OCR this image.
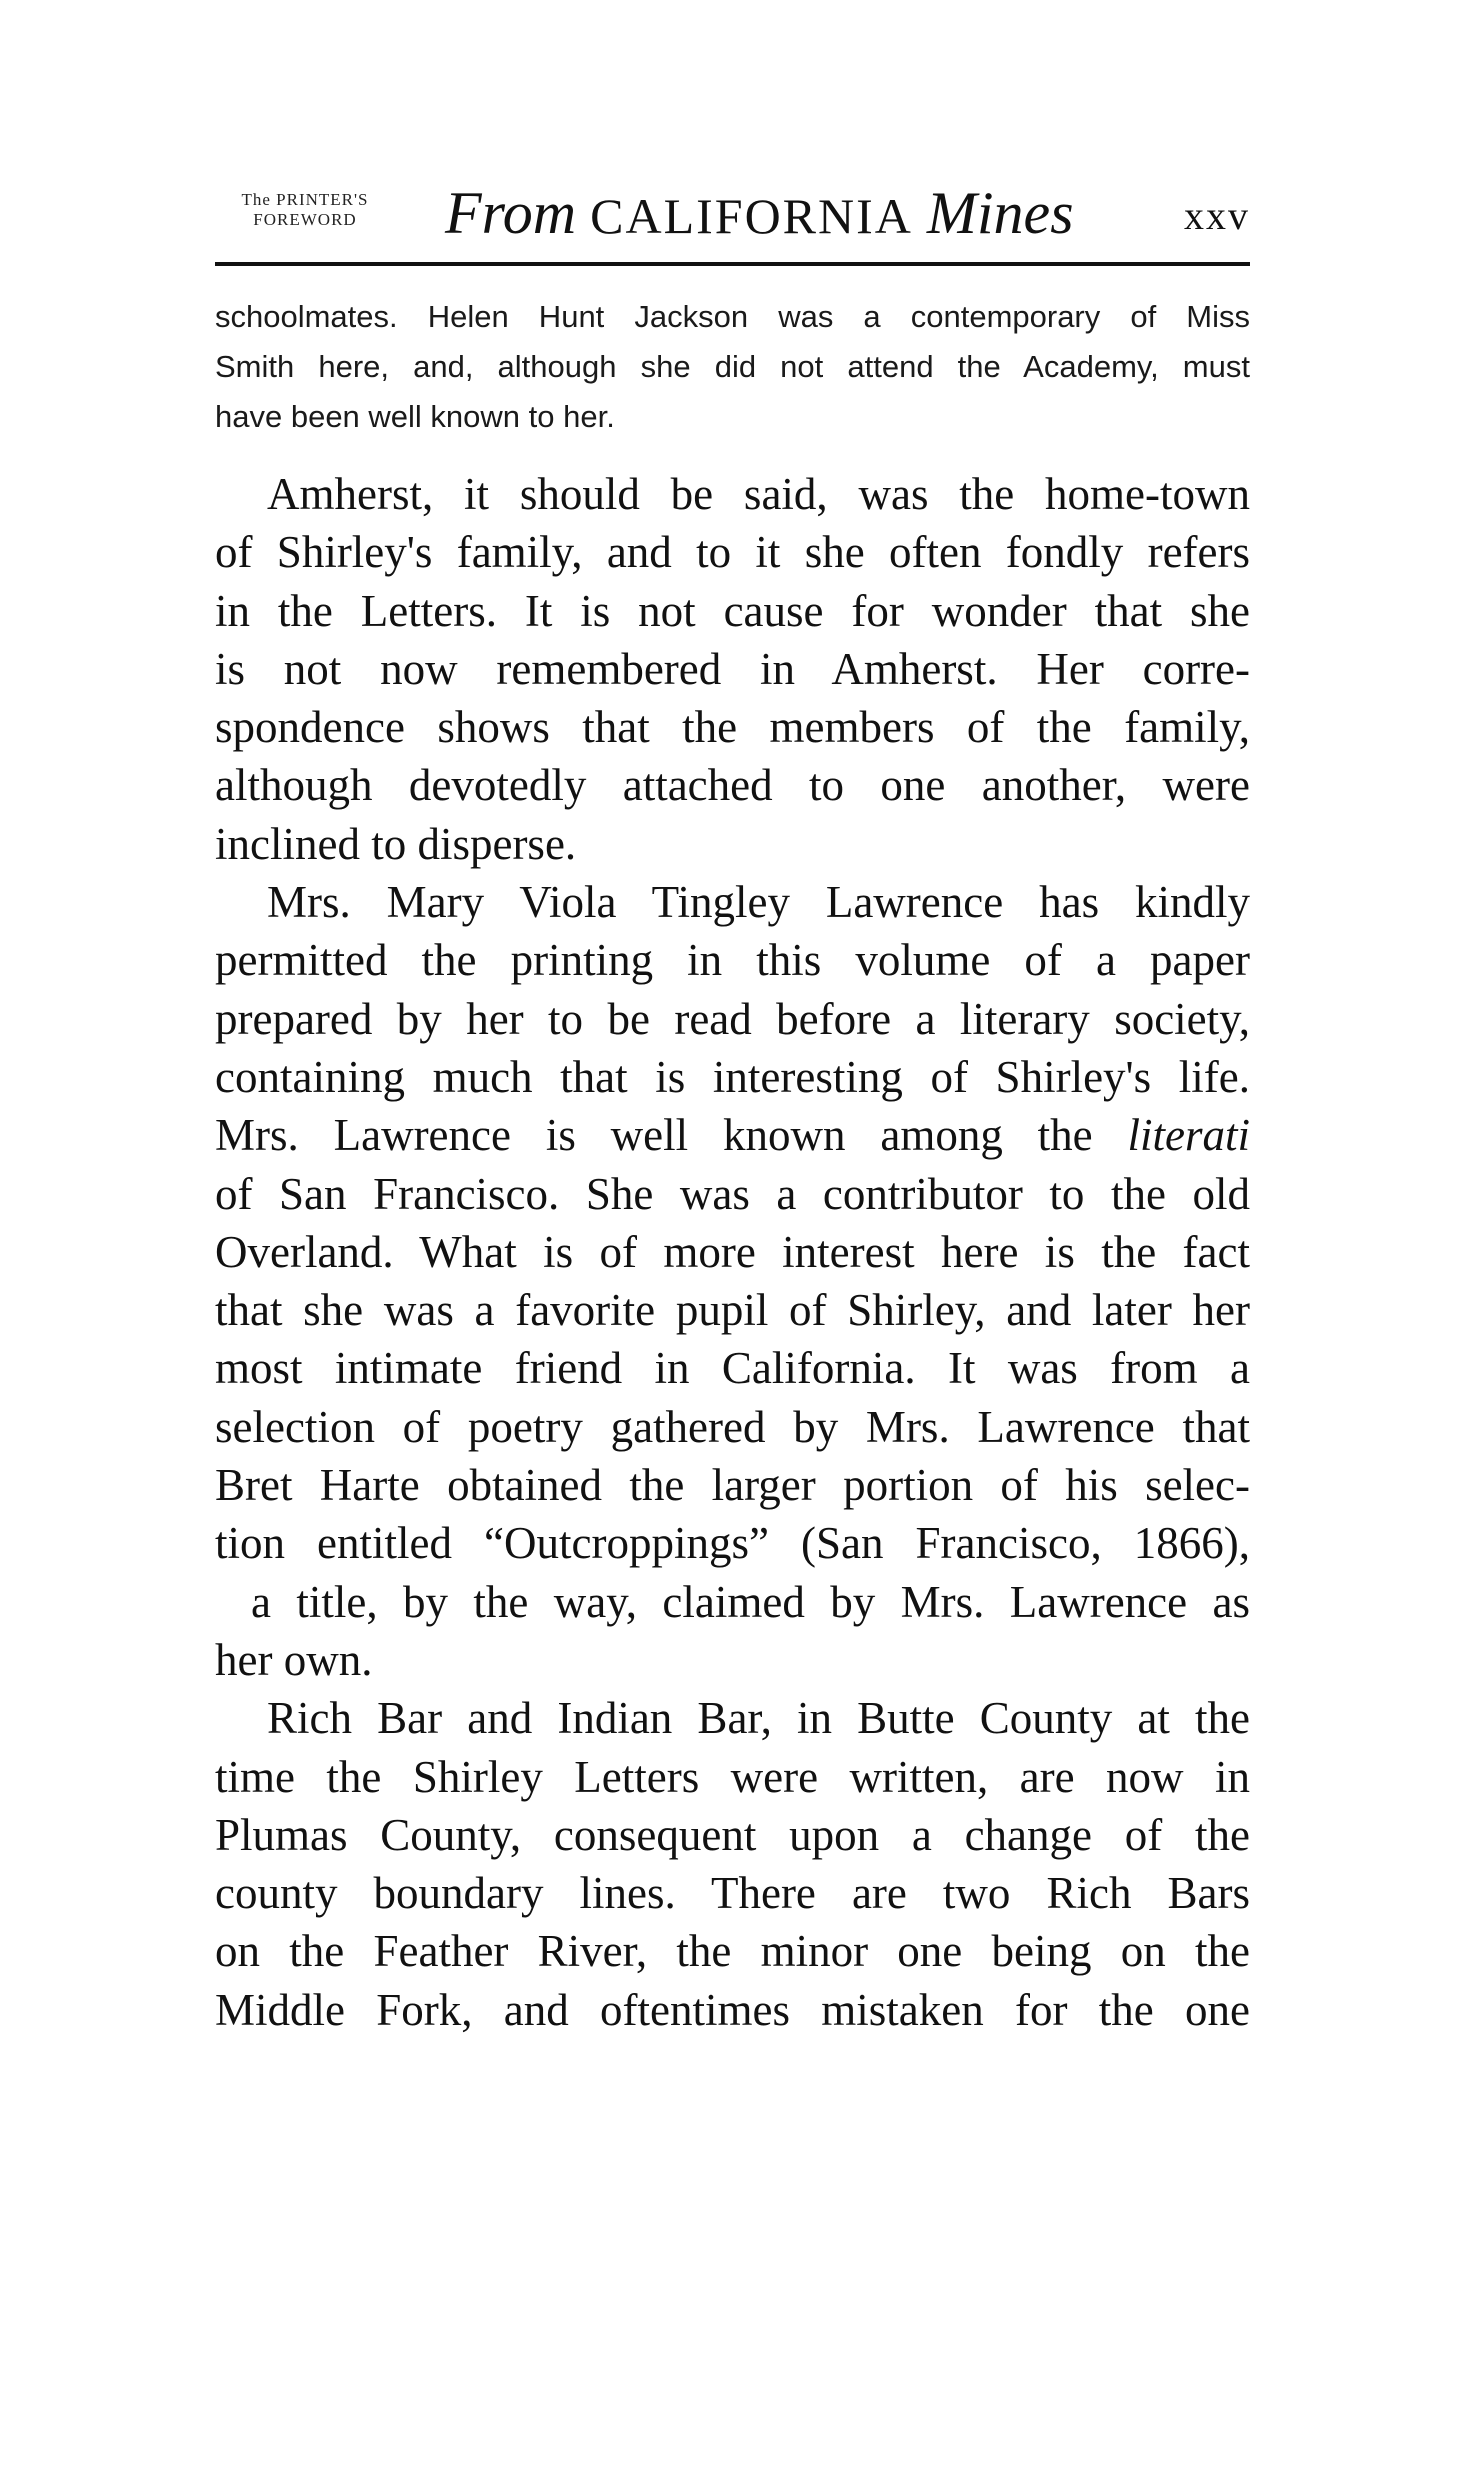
The PRINTER'S
FOREWORD	From CALIFORNIA Mines	xxv
schoolmates. Helen Hunt Jackson was a contemporary of Miss
Smith here, and, although she did not attend the Academy, must
have been well known to her.
Amherst, it should be said, was the home-town
of Shirley's family, and to it she often fondly refers
in the Letters. It is not cause for wonder that she
is not now remembered in Amherst. Her corre-
spondence shows that the members of the family,
although devotedly attached to one another, were
inclined to disperse.
Mrs. Mary Viola Tingley Lawrence has kindly
permitted the printing in this volume of a paper
prepared by her to be read before a literary society,
containing much that is interesting of Shirley's life.
Mrs. Lawrence is well known among the literati
of San Francisco. She was a contributor to the old
Overland. What is of more interest here is the fact
that she was a favorite pupil of Shirley, and later her
most intimate friend in California. It was from a
selection of poetry gathered by Mrs. Lawrence that
Bret Harte obtained the larger portion of his selec-
tion entitled “Outcroppings” (San Francisco, 1866),
a title, by the way, claimed by Mrs. Lawrence as
her own.
Rich Bar and Indian Bar, in Butte County at the
time the Shirley Letters were written, are now in
Plumas County, consequent upon a change of the
county boundary lines. There are two Rich Bars
on the Feather River, the minor one being on the
Middle Fork, and oftentimes mistaken for the one
